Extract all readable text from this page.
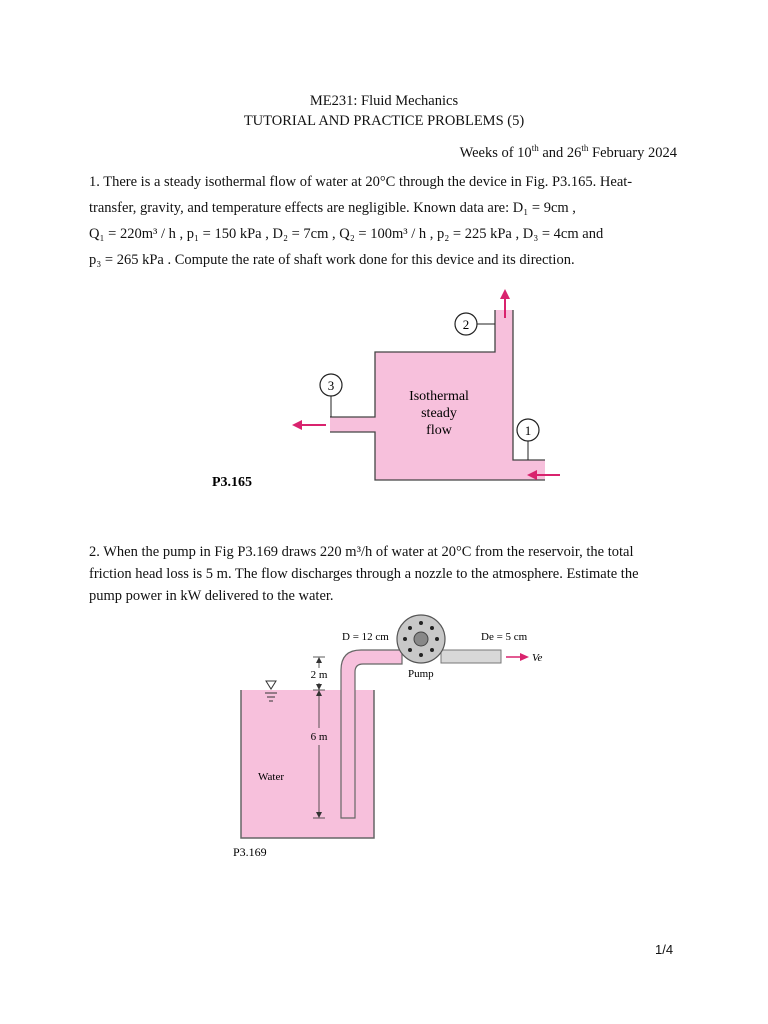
ME231: Fluid Mechanics
TUTORIAL AND PRACTICE PROBLEMS (5)
Weeks of 10th and 26th February 2024
1. There is a steady isothermal flow of water at 20°C through the device in Fig. P3.165. Heat-
transfer, gravity, and temperature effects are negligible. Known data are: D₁ = 9cm ,
Q₁ = 220m³ / h , p₁ = 150 kPa , D₂ = 7cm , Q₂ = 100m³ / h , p₂ = 225 kPa , D₃ = 4cm and
p₃ = 265 kPa . Compute the rate of shaft work done for this device and its direction.
3
2
1
Isothermal
steady
flow
P3.165
2. When the pump in Fig P3.169 draws 220 m³/h of water at 20°C from the reservoir, the total
friction head loss is 5 m. The flow discharges through a nozzle to the atmosphere. Estimate the
pump power in kW delivered to the water.
2 m
6 m
Water
D = 12 cm	De = 5 cm
Ve
Pump
P3.169
1/4
